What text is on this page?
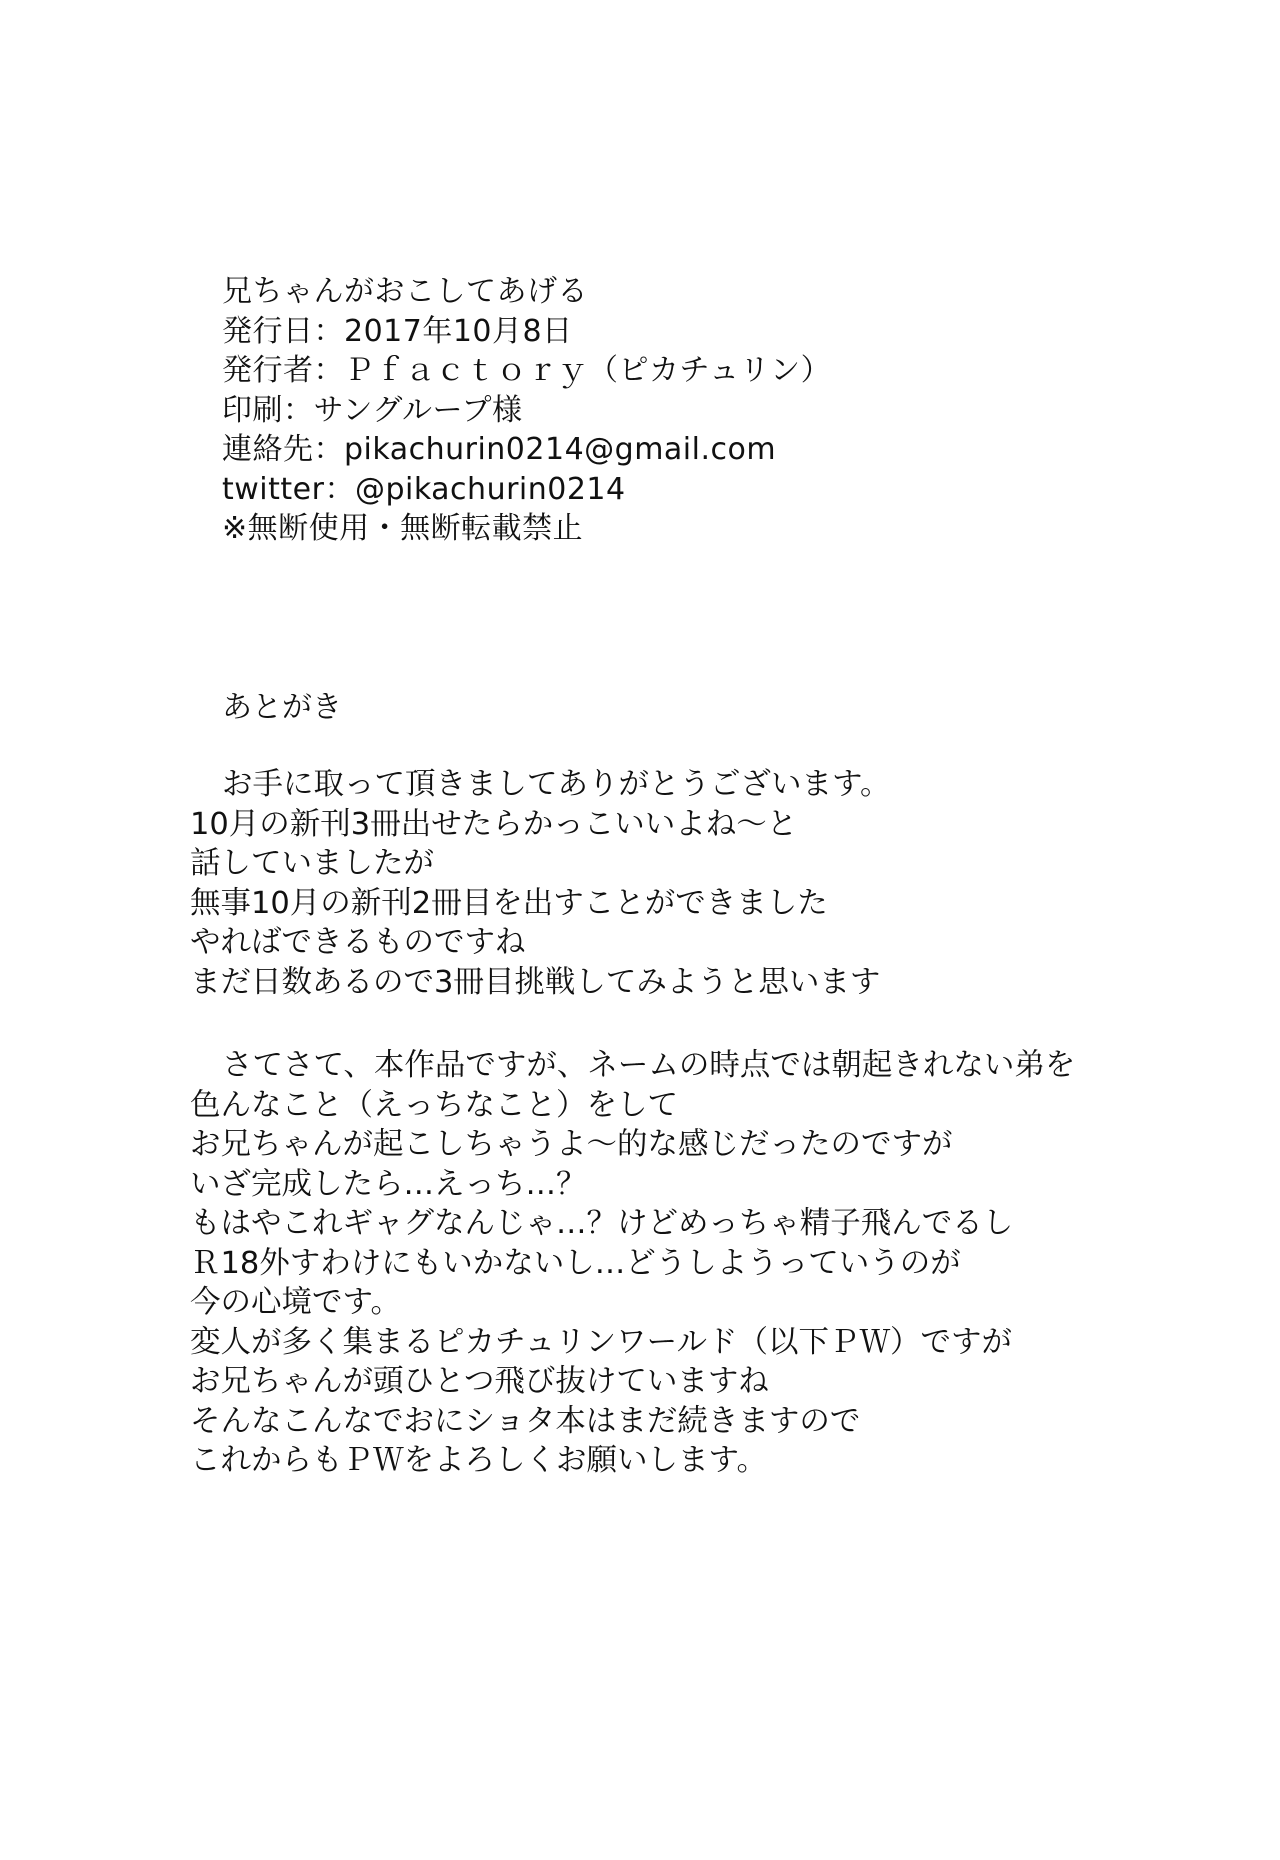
兄ちゃんがおこしてあげる
発行日：2017年10月8日
発行者：Ｐｆａｃｔｏｒｙ（ピカチュリン）
印刷：サングループ様
連絡先：pikachurin0214@gmail.com
twitter：@pikachurin0214
※無断使用・無断転載禁止
あとがき
お手に取って頂きましてありがとうございます。
10月の新刊3冊出せたらかっこいいよね〜と
話していましたが
無事10月の新刊2冊目を出すことができました
やればできるものですね
まだ日数あるので3冊目挑戦してみようと思います
さてさて、本作品ですが、ネームの時点では朝起きれない弟を
色んなこと（えっちなこと）をして
お兄ちゃんが起こしちゃうよ〜的な感じだったのですが
いざ完成したら…えっち…？
もはやこれギャグなんじゃ…？けどめっちゃ精子飛んでるし
Ｒ18外すわけにもいかないし…どうしようっていうのが
今の心境です。
変人が多く集まるピカチュリンワールド（以下ＰＷ）ですが
お兄ちゃんが頭ひとつ飛び抜けていますね
そんなこんなでおにショタ本はまだ続きますので
これからもＰＷをよろしくお願いします。
